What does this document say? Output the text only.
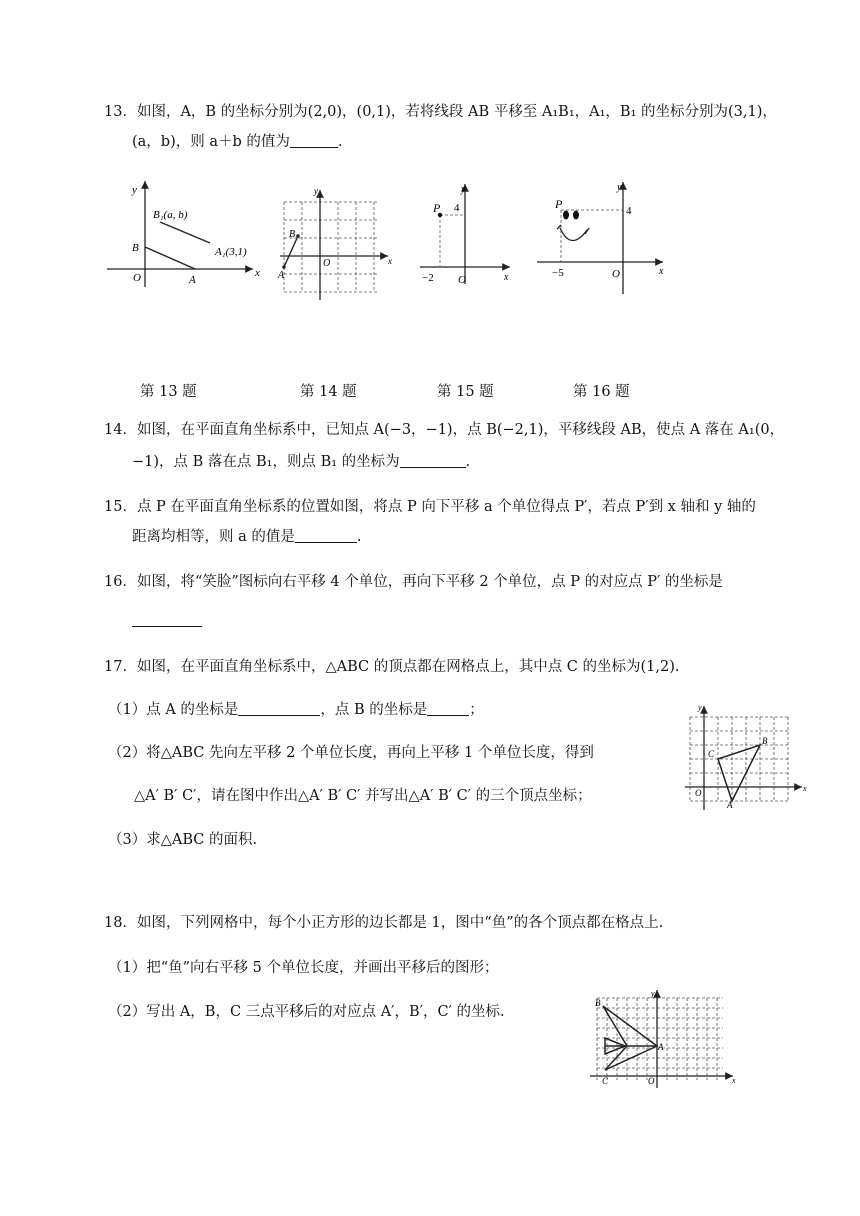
13．如图，A，B 的坐标分别为(2,0)，(0,1)，若将线段 AB 平移至 A₁B₁，A₁，B₁ 的坐标分别为(3,1)，
(a，b)，则 a＋b 的值为	.
y
x
O	A
B
B₁(a, b)
A₁(3,1)
y
x
O
A
B
y
x
O
P 4
−2
y
x
O
P	4
−5
第 13 题	第 14 题	第 15 题	第 16 题
14．如图，在平面直角坐标系中，已知点 A(−3，−1)，点 B(−2,1)，平移线段 AB，使点 A 落在 A₁(0，
−1)，点 B 落在点 B₁，则点 B₁ 的坐标为	.
15．点 P 在平面直角坐标系的位置如图，将点 P 向下平移 a 个单位得点 P′，若点 P′到 x 轴和 y 轴的
距离均相等，则 a 的值是	.
16．如图，将“笑脸”图标向右平移 4 个单位，再向下平移 2 个单位，点 P 的对应点 P′ 的坐标是
17．如图，在平面直角坐标系中，△ABC 的顶点都在网格点上，其中点 C 的坐标为(1,2).
（1）点 A 的坐标是	，点 B 的坐标是	；
（2）将△ABC 先向左平移 2 个单位长度，再向上平移 1 个单位长度，得到
△A′ B′ C′，请在图中作出△A′ B′ C′ 并写出△A′ B′ C′ 的三个顶点坐标；
（3）求△ABC 的面积.
y
x
O
A
B
C
18．如图，下列网格中，每个小正方形的边长都是 1，图中“鱼”的各个顶点都在格点上.
（1）把“鱼”向右平移 5 个单位长度，并画出平移后的图形；
（2）写出 A，B，C 三点平移后的对应点 A′，B′，C′ 的坐标.
y
x
O
A
B
C
